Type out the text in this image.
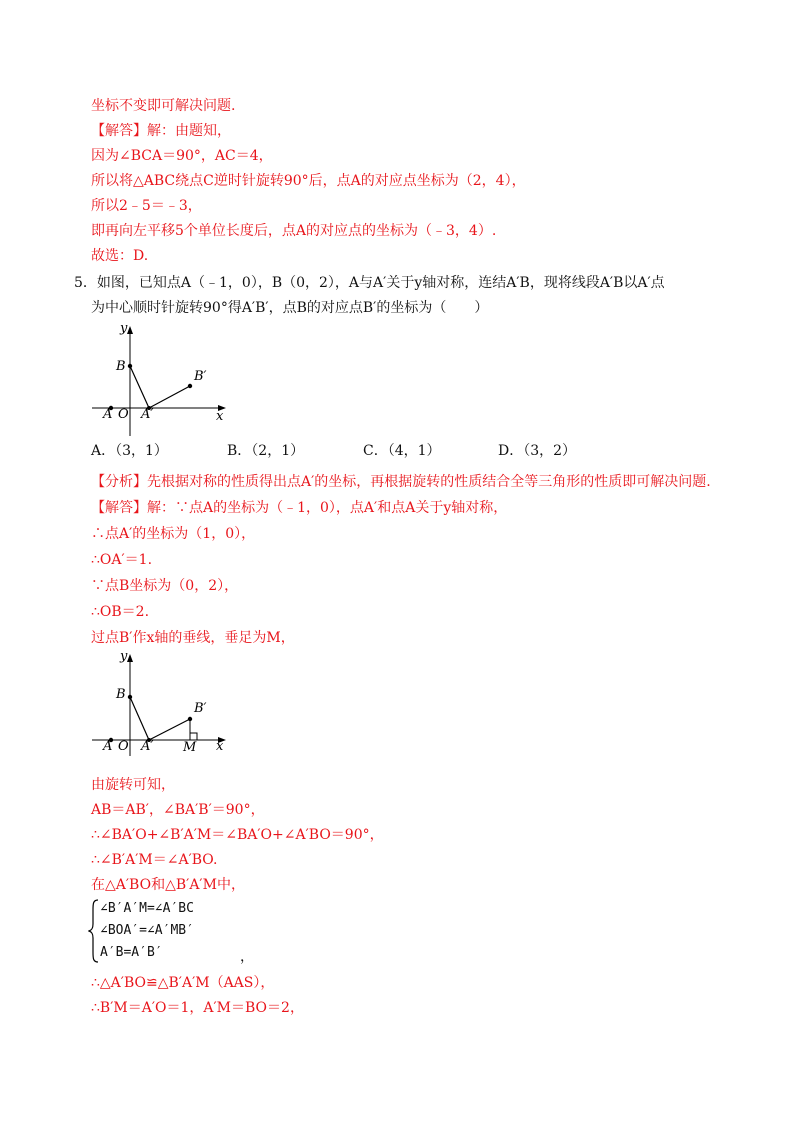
坐标不变即可解决问题.
【解答】解：由题知，
因为∠BCA＝90°，AC＝4，
所以将△ABC绕点C逆时针旋转90°后，点A的对应点坐标为（2，4），
所以2﹣5＝﹣3，
即再向左平移5个单位长度后，点A的对应点的坐标为（﹣3，4）.
故选：D.
5．如图，已知点A（﹣1，0），B（0，2），A与A′关于y轴对称，连结A′B，现将线段A′B以A′点
为中心顺时针旋转90°得A′B′，点B的对应点B′的坐标为（　　）
y
x
B
B′
A O A′
A．（3，1）	B．（2，1）	C．（4，1）	D．（3，2）
【分析】先根据对称的性质得出点A′的坐标，再根据旋转的性质结合全等三角形的性质即可解决问题.
【解答】解：∵点A的坐标为（﹣1，0），点A′和点A关于y轴对称，
∴点A′的坐标为（1，0），
∴OA′＝1.
∵点B坐标为（0，2），
∴OB＝2.
过点B′作x轴的垂线，垂足为M，
y
x
B
B′
A O A′ M
由旋转可知，
AB＝AB′，∠BA′B′＝90°，
∴∠BA′O+∠B′A′M＝∠BA′O+∠A′BO＝90°，
∴∠B′A′M＝∠A′BO.
在△A′BO和△B′A′M中，
∠B′A′M=∠A′BC
∠BOA′=∠A′MB′
A′B=A′B′	，
∴△A′BO≌△B′A′M（AAS），
∴B′M＝A′O＝1，A′M＝BO＝2，
